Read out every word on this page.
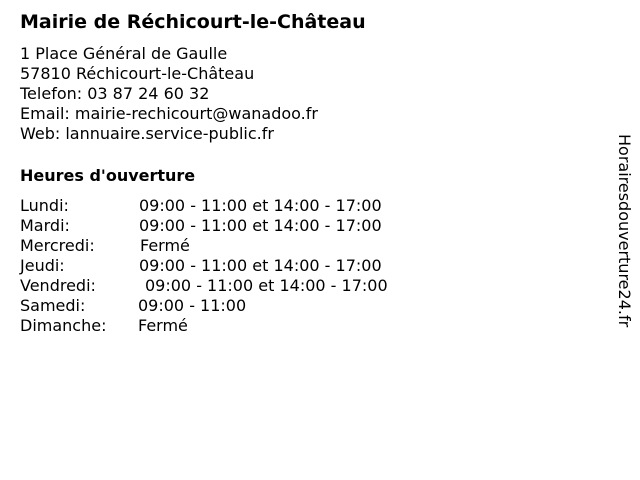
Mairie de Réchicourt-le-Château
1 Place Général de Gaulle
57810 Réchicourt-le-Château
Telefon: 03 87 24 60 32
Email: mairie-rechicourt@wanadoo.fr
Web: lannuaire.service-public.fr
Heures d'ouverture
Lundi:	09:00 - 11:00 et 14:00 - 17:00
Mardi:	09:00 - 11:00 et 14:00 - 17:00
Mercredi:	Fermé
Jeudi:	09:00 - 11:00 et 14:00 - 17:00
Vendredi:	09:00 - 11:00 et 14:00 - 17:00
Samedi:	09:00 - 11:00
Dimanche: Fermé	Horairesdouverture24.fr
